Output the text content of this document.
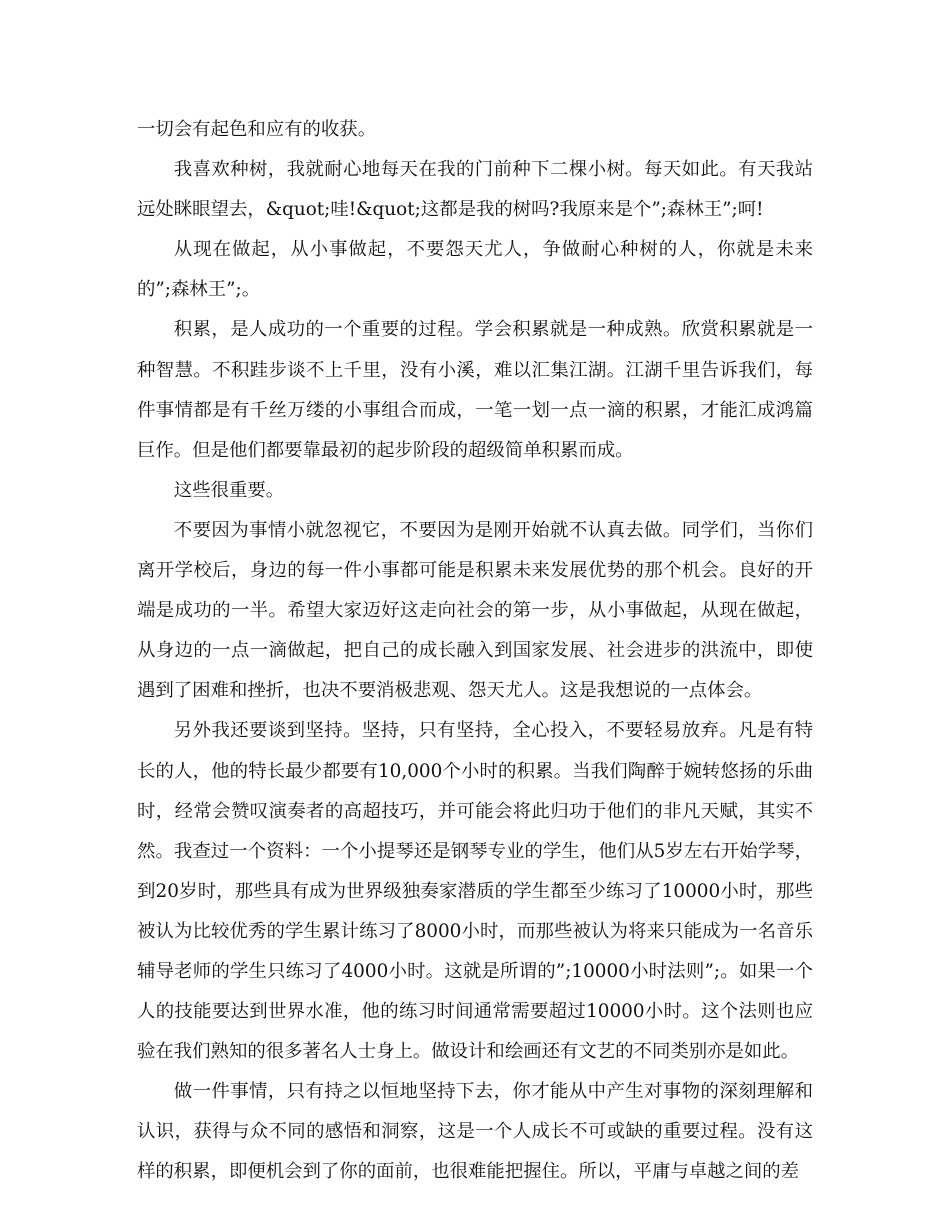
一切会有起色和应有的收获。

我喜欢种树，我就耐心地每天在我的门前种下二棵小树。每天如此。有天我站远处眯眼望去，&quot;哇!&quot;这都是我的树吗?我原来是个”;森林王”;呵!

从现在做起，从小事做起，不要怨天尤人，争做耐心种树的人，你就是未来的”;森林王”;。

积累，是人成功的一个重要的过程。学会积累就是一种成熟。欣赏积累就是一种智慧。不积跬步谈不上千里，没有小溪，难以汇集江湖。江湖千里告诉我们，每件事情都是有千丝万缕的小事组合而成，一笔一划一点一滴的积累，才能汇成鸿篇巨作。但是他们都要靠最初的起步阶段的超级简单积累而成。

这些很重要。

不要因为事情小就忽视它，不要因为是刚开始就不认真去做。同学们，当你们离开学校后，身边的每一件小事都可能是积累未来发展优势的那个机会。良好的开端是成功的一半。希望大家迈好这走向社会的第一步，从小事做起，从现在做起，从身边的一点一滴做起，把自己的成长融入到国家发展、社会进步的洪流中，即使遇到了困难和挫折，也决不要消极悲观、怨天尤人。这是我想说的一点体会。

另外我还要谈到坚持。坚持，只有坚持，全心投入，不要轻易放弃。凡是有特长的人，他的特长最少都要有10,000个小时的积累。当我们陶醉于婉转悠扬的乐曲时，经常会赞叹演奏者的高超技巧，并可能会将此归功于他们的非凡天赋，其实不然。我查过一个资料：一个小提琴还是钢琴专业的学生，他们从5岁左右开始学琴，到20岁时，那些具有成为世界级独奏家潜质的学生都至少练习了10000小时，那些被认为比较优秀的学生累计练习了8000小时，而那些被认为将来只能成为一名音乐辅导老师的学生只练习了4000小时。这就是所谓的”;10000小时法则”;。如果一个人的技能要达到世界水准，他的练习时间通常需要超过10000小时。这个法则也应验在我们熟知的很多著名人士身上。做设计和绘画还有文艺的不同类别亦是如此。

做一件事情，只有持之以恒地坚持下去，你才能从中产生对事物的深刻理解和认识，获得与众不同的感悟和洞察，这是一个人成长不可或缺的重要过程。没有这样的积累，即便机会到了你的面前，也很难能把握住。所以，平庸与卓越之间的差
